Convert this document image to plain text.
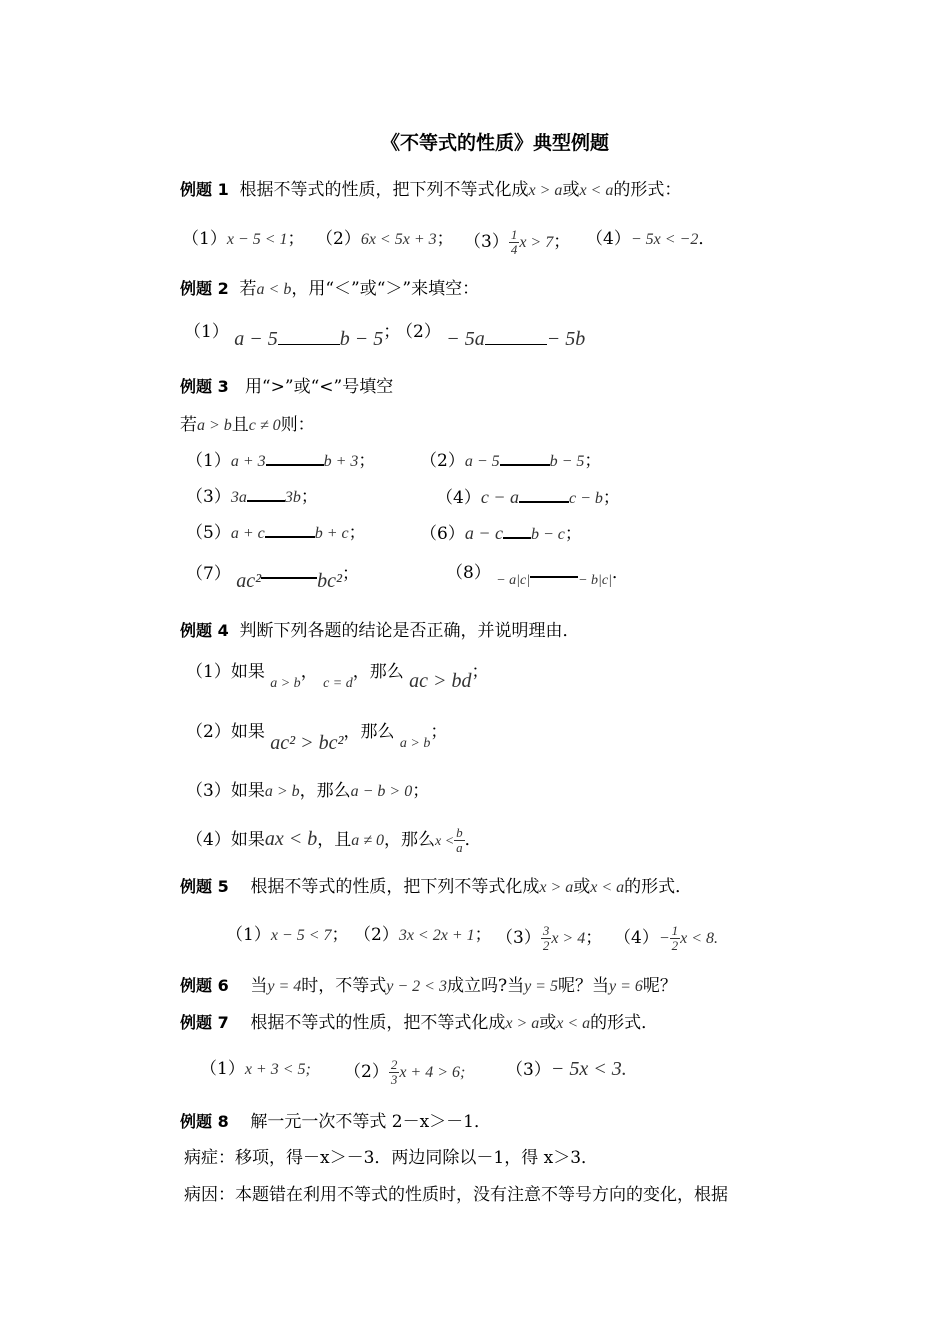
《不等式的性质》典型例题
例题 1 根据不等式的性质，把下列不等式化成x > a或x < a的形式：
（1）x − 5 < 1； （2）6x < 5x + 3； $(3) \frac{1}{4}$ x > 7； （4）− 5x < −2．
例题 2 若a < b，用“＜”或“＞”来填空：
（1） a − 5	b − 5；
（2） − 5a	− 5b
例题 3 用“>”或“<”号填空
若a > b且c ≠ 0则：
（1）a + 3	b + 3；	（2）a − 5	b − 5；
（3）3a 3b；	（4）c − a	c − b；
（5）a + c	b + c；	（6）a − c b − c；
（7） ac²	bc²；	（8） $_{- a|c|}$	$_{- b|c|}$．
例题 4 判断下列各题的结论是否正确，并说明理由．
（1）如果 $_{a > b}$， $_{c = d}$，那么 ac > bd；
（2）如果 ac² > bc²，那么 $_{a > b}$；
（3）如果a > b，那么a − b > 0；
（4）如果ax < b，且a ≠ 0，那么$x < \frac{b}{a}$ ．
例题 5 根据不等式的性质，把下列不等式化成x > a或x < a的形式．
（1）x − 5 < 7； （2）3x < 2x + 1； $(3) \frac{3}{2}$ x > 4； $(4)- \frac{1}{2}$ x < 8.
例题 6 当y = 4时，不等式y − 2 < 3成立吗?当y = 5呢？当y = 6呢？
例题 7 根据不等式的性质，把不等式化成x > a或x < a的形式．
（1）x + 3 < 5; $(2) \frac{2}{3}$ x + 4 > 6; （3）− 5x < 3.
例题 8 解一元一次不等式 2－x＞－1．
病症：移项，得－x＞－3．两边同除以－1，得 x＞3．
病因：本题错在利用不等式的性质时，没有注意不等号方向的变化，根据
